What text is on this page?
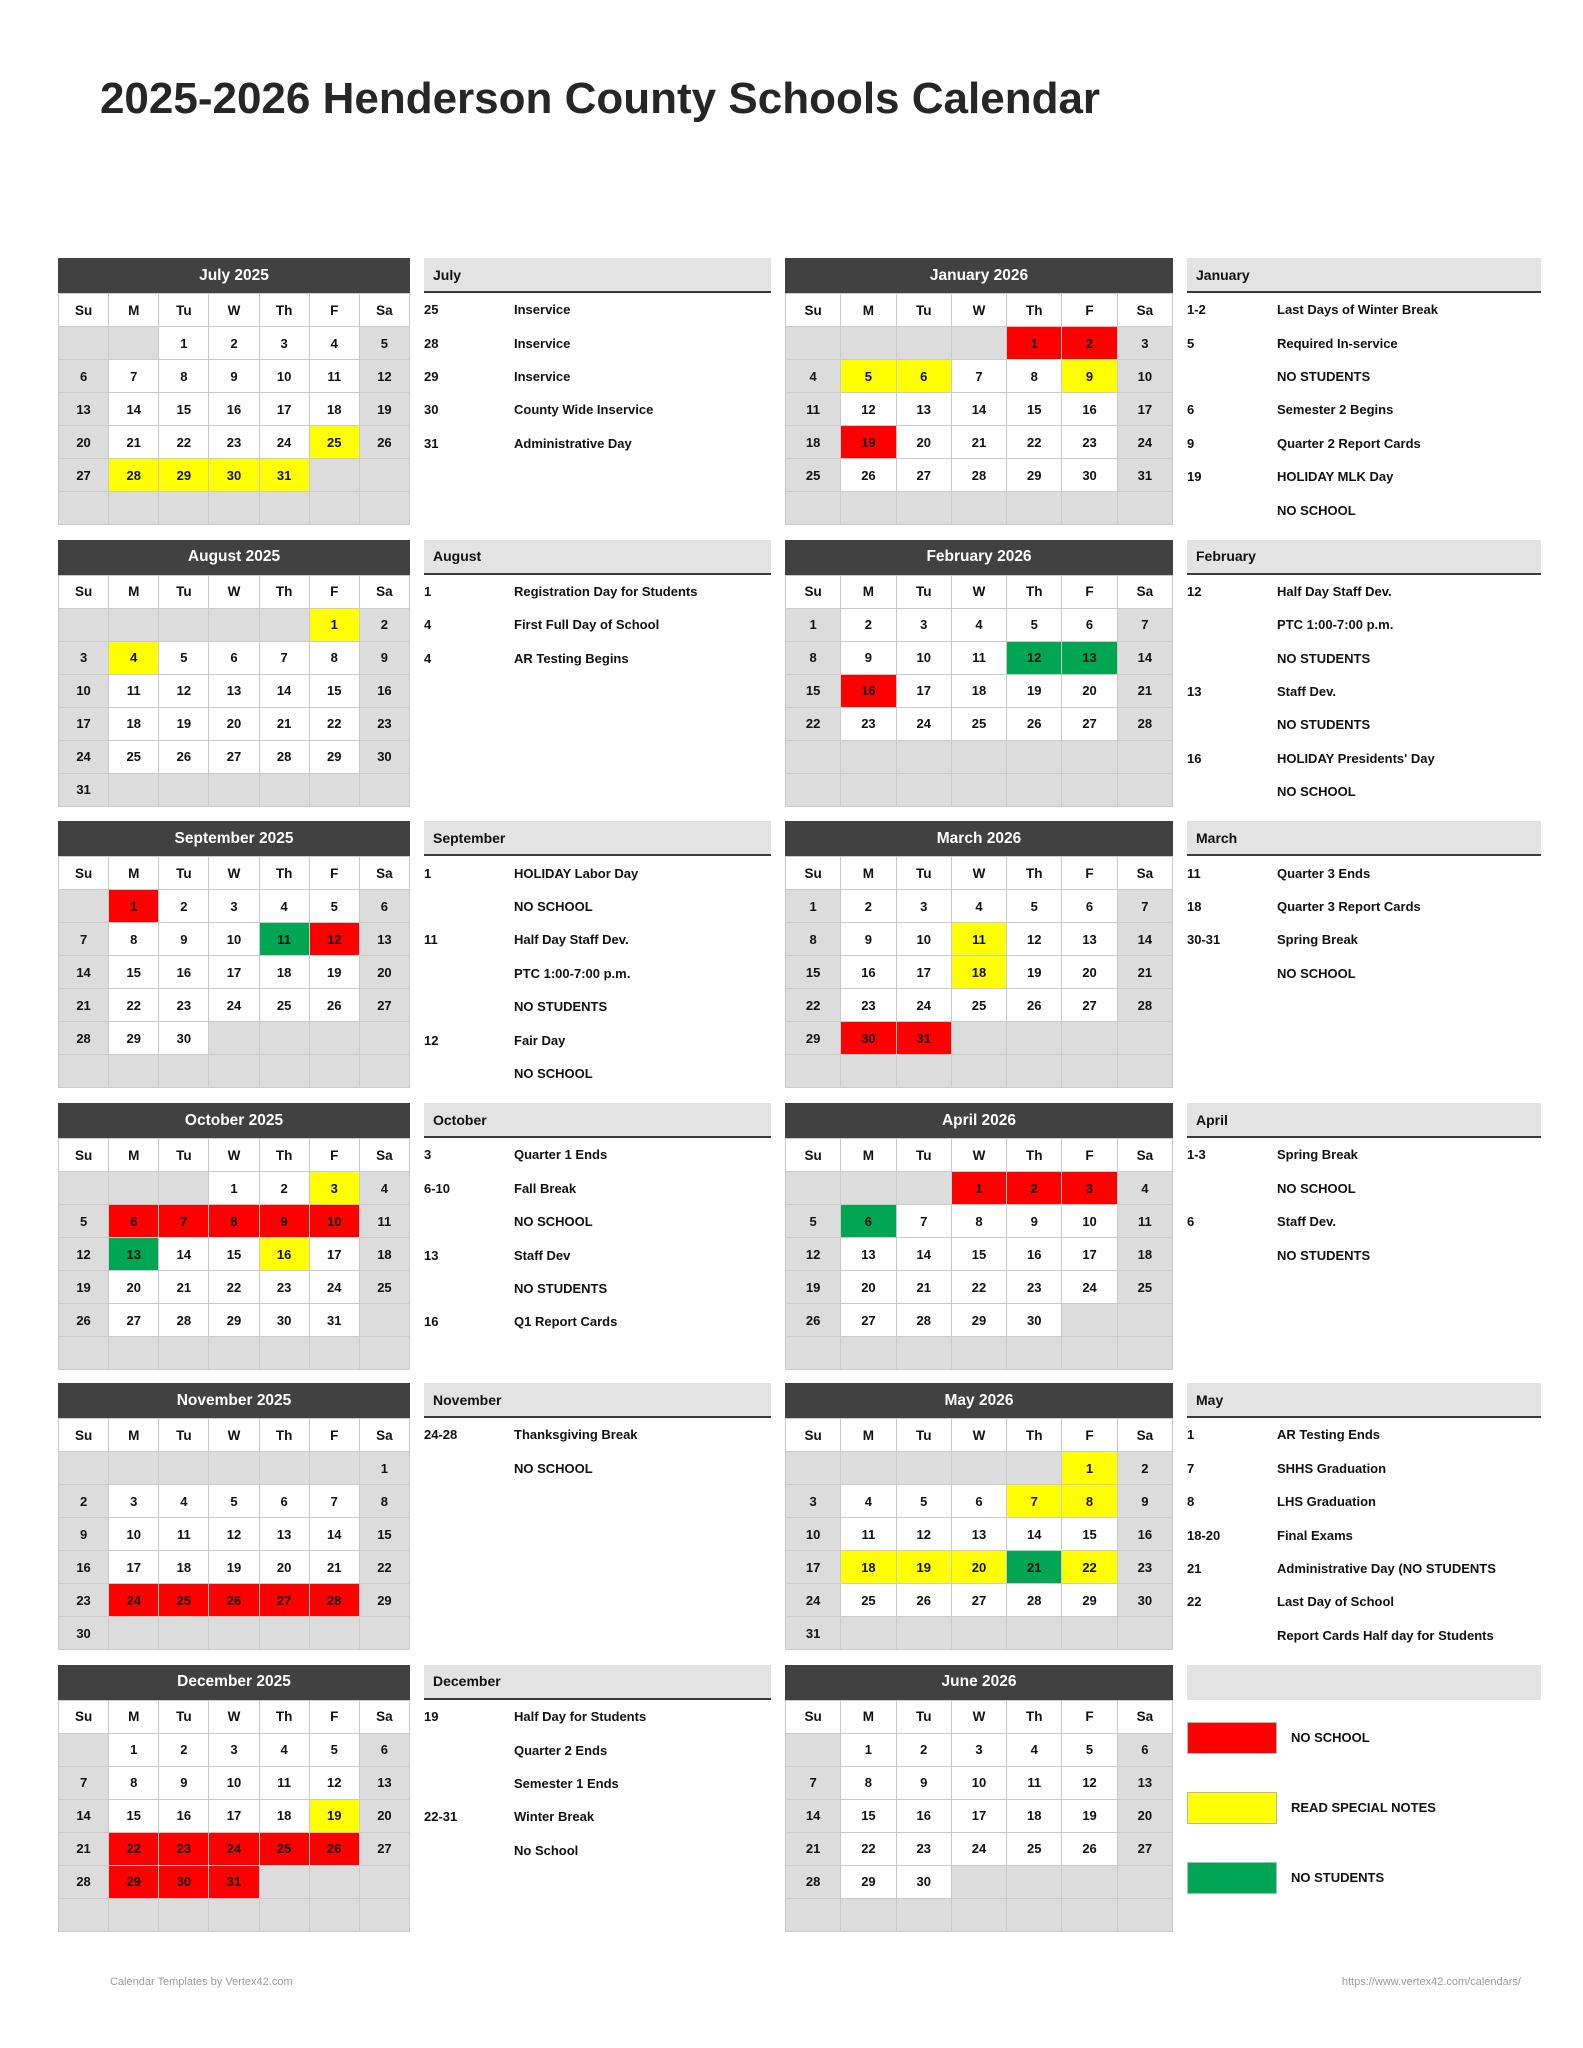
2025-2026 Henderson County Schools Calendar
July 2025
Su	M	Tu	W	Th	F	Sa
		1	2	3	4	5
6	7	8	9	10	11	12
13	14	15	16	17	18	19
20	21	22	23	24	25	26
27	28	29	30	31		

July
25	Inservice
28	Inservice
29	Inservice
30	County Wide Inservice
31	Administrative Day
January 2026
Su	M	Tu	W	Th	F	Sa
				1	2	3
4	5	6	7	8	9	10
11	12	13	14	15	16	17
18	19	20	21	22	23	24
25	26	27	28	29	30	31

January
1-2	Last Days of Winter Break
5	Required In-service
NO STUDENTS
6	Semester 2 Begins
9	Quarter 2 Report Cards
19	HOLIDAY MLK Day
NO SCHOOL
August 2025
Su	M	Tu	W	Th	F	Sa
					1	2
3	4	5	6	7	8	9
10	11	12	13	14	15	16
17	18	19	20	21	22	23
24	25	26	27	28	29	30
31						
August
1	Registration Day for Students
4	First Full Day of School
4	AR Testing Begins
February 2026
Su	M	Tu	W	Th	F	Sa
1	2	3	4	5	6	7
8	9	10	11	12	13	14
15	16	17	18	19	20	21
22	23	24	25	26	27	28

February
12	Half Day Staff Dev.
PTC 1:00-7:00 p.m.
NO STUDENTS
13	Staff Dev.
NO STUDENTS
16	HOLIDAY Presidents' Day
NO SCHOOL
September 2025
Su	M	Tu	W	Th	F	Sa
	1	2	3	4	5	6
7	8	9	10	11	12	13
14	15	16	17	18	19	20
21	22	23	24	25	26	27
28	29	30				

September
1	HOLIDAY Labor Day
NO SCHOOL
11	Half Day Staff Dev.
PTC 1:00-7:00 p.m.
NO STUDENTS
12	Fair Day
NO SCHOOL
March 2026
Su	M	Tu	W	Th	F	Sa
1	2	3	4	5	6	7
8	9	10	11	12	13	14
15	16	17	18	19	20	21
22	23	24	25	26	27	28
29	30	31				

March
11	Quarter 3 Ends
18	Quarter 3 Report Cards
30-31	Spring Break
NO SCHOOL
October 2025
Su	M	Tu	W	Th	F	Sa
			1	2	3	4
5	6	7	8	9	10	11
12	13	14	15	16	17	18
19	20	21	22	23	24	25
26	27	28	29	30	31	

October
3	Quarter 1 Ends
6-10	Fall Break
NO SCHOOL
13	Staff Dev
NO STUDENTS
16	Q1 Report Cards
April 2026
Su	M	Tu	W	Th	F	Sa
			1	2	3	4
5	6	7	8	9	10	11
12	13	14	15	16	17	18
19	20	21	22	23	24	25
26	27	28	29	30		

April
1-3	Spring Break
NO SCHOOL
6	Staff Dev.
NO STUDENTS
November 2025
Su	M	Tu	W	Th	F	Sa
						1
2	3	4	5	6	7	8
9	10	11	12	13	14	15
16	17	18	19	20	21	22
23	24	25	26	27	28	29
30						
November
24-28	Thanksgiving Break
NO SCHOOL
May 2026
Su	M	Tu	W	Th	F	Sa
					1	2
3	4	5	6	7	8	9
10	11	12	13	14	15	16
17	18	19	20	21	22	23
24	25	26	27	28	29	30
31						
May
1	AR Testing Ends
7	SHHS Graduation
8	LHS Graduation
18-20	Final Exams
21	Administrative Day (NO STUDENTS
22	Last Day of School
Report Cards Half day for Students
December 2025
Su	M	Tu	W	Th	F	Sa
	1	2	3	4	5	6
7	8	9	10	11	12	13
14	15	16	17	18	19	20
21	22	23	24	25	26	27
28	29	30	31			

December
19	Half Day for Students
Quarter 2 Ends
Semester 1 Ends
22-31	Winter Break
No School
June 2026
Su	M	Tu	W	Th	F	Sa
	1	2	3	4	5	6
7	8	9	10	11	12	13
14	15	16	17	18	19	20
21	22	23	24	25	26	27
28	29	30				

NO SCHOOL
READ SPECIAL NOTES
NO STUDENTS
Calendar Templates by Vertex42.com	https://www.vertex42.com/calendars/
